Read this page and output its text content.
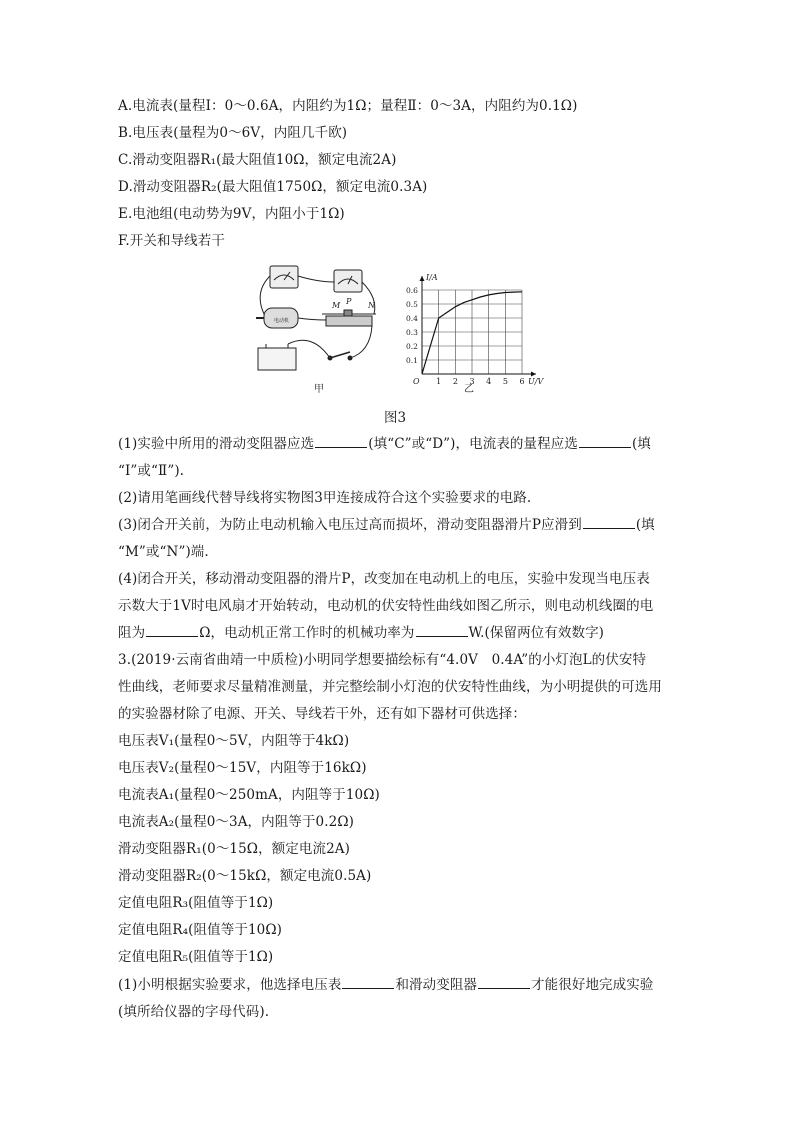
A.电流表(量程Ⅰ：0～0.6A，内阻约为1Ω；量程Ⅱ：0～3A，内阻约为0.1Ω)
B.电压表(量程为0～6V，内阻几千欧)
C.滑动变阻器R₁(最大阻值10Ω，额定电流2A)
D.滑动变阻器R₂(最大阻值1750Ω，额定电流0.3A)
E.电池组(电动势为9V，内阻小于1Ω)
F.开关和导线若干
M P N
电动机
甲
1 2 3 4 5 6
0.1
0.2
0.3
0.4
0.5
0.6
O	U/V
I/A
乙
图3
(1)实验中所用的滑动变阻器应选	(填“C”或“D”)，电流表的量程应选	(填
“Ⅰ”或“Ⅱ”).
(2)请用笔画线代替导线将实物图3甲连接成符合这个实验要求的电路.
(3)闭合开关前，为防止电动机输入电压过高而损坏，滑动变阻器滑片P应滑到	(填
“M”或“N”)端.
(4)闭合开关，移动滑动变阻器的滑片P，改变加在电动机上的电压，实验中发现当电压表
示数大于1V时电风扇才开始转动，电动机的伏安特性曲线如图乙所示，则电动机线圈的电
阻为	Ω，电动机正常工作时的机械功率为	W.(保留两位有效数字)
3.(2019·云南省曲靖一中质检)小明同学想要描绘标有“4.0V　0.4A”的小灯泡L的伏安特
性曲线，老师要求尽量精准测量，并完整绘制小灯泡的伏安特性曲线，为小明提供的可选用
的实验器材除了电源、开关、导线若干外，还有如下器材可供选择：
电压表V₁(量程0～5V，内阻等于4kΩ)
电压表V₂(量程0～15V，内阻等于16kΩ)
电流表A₁(量程0～250mA，内阻等于10Ω)
电流表A₂(量程0～3A，内阻等于0.2Ω)
滑动变阻器R₁(0～15Ω，额定电流2A)
滑动变阻器R₂(0～15kΩ，额定电流0.5A)
定值电阻R₃(阻值等于1Ω)
定值电阻R₄(阻值等于10Ω)
定值电阻R₅(阻值等于1Ω)
(1)小明根据实验要求，他选择电压表	和滑动变阻器	才能很好地完成实验
(填所给仪器的字母代码).
